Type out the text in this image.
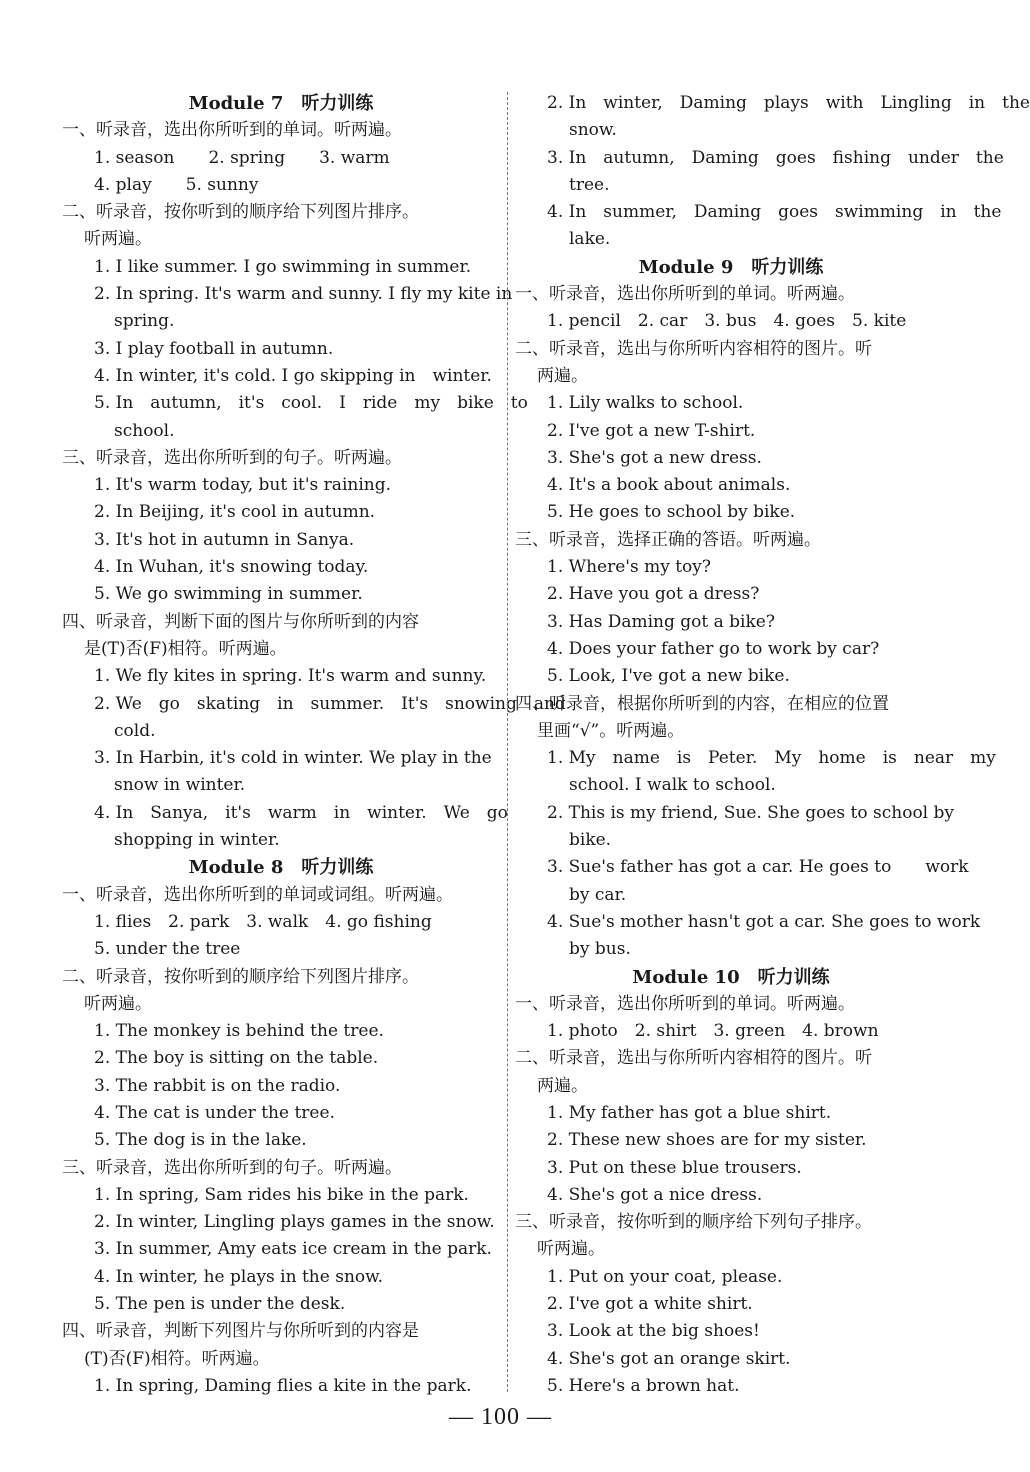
Module 7　听力训练
一、听录音，选出你所听到的单词。听两遍。
1. season　　2. spring　　3. warm
4. play　　5. sunny
二、听录音，按你听到的顺序给下列图片排序。
听两遍。
1. I like summer. I go swimming in summer.
2. In spring. It's warm and sunny. I fly my kite in
spring.
3. I play football in autumn.
4. In winter, it's cold. I go skipping in　winter.
5. In　autumn,　it's　cool.　I　ride　my　bike　to
school.
三、听录音，选出你所听到的句子。听两遍。
1. It's warm today, but it's raining.
2. In Beijing, it's cool in autumn.
3. It's hot in autumn in Sanya.
4. In Wuhan, it's snowing today.
5. We go swimming in summer.
四、听录音，判断下面的图片与你所听到的内容
是(T)否(F)相符。听两遍。
1. We fly kites in spring. It's warm and sunny.
2. We　go　skating　in　summer.　It's　snowing　and
cold.
3. In Harbin, it's cold in winter. We play in the
snow in winter.
4. In　Sanya,　it's　warm　in　winter.　We　go
shopping in winter.
Module 8　听力训练
一、听录音，选出你所听到的单词或词组。听两遍。
1. flies　2. park　3. walk　4. go fishing
5. under the tree
二、听录音，按你听到的顺序给下列图片排序。
听两遍。
1. The monkey is behind the tree.
2. The boy is sitting on the table.
3. The rabbit is on the radio.
4. The cat is under the tree.
5. The dog is in the lake.
三、听录音，选出你所听到的句子。听两遍。
1. In spring, Sam rides his bike in the park.
2. In winter, Lingling plays games in the snow.
3. In summer, Amy eats ice cream in the park.
4. In winter, he plays in the snow.
5. The pen is under the desk.
四、听录音，判断下列图片与你所听到的内容是
(T)否(F)相符。听两遍。
1. In spring, Daming flies a kite in the park.
2. In　winter,　Daming　plays　with　Lingling　in　the
snow.
3. In　autumn,　Daming　goes　fishing　under　the
tree.
4. In　summer,　Daming　goes　swimming　in　the
lake.
Module 9　听力训练
一、听录音，选出你所听到的单词。听两遍。
1. pencil　2. car　3. bus　4. goes　5. kite
二、听录音，选出与你所听内容相符的图片。听
两遍。
1. Lily walks to school.
2. I've got a new T-shirt.
3. She's got a new dress.
4. It's a book about animals.
5. He goes to school by bike.
三、听录音，选择正确的答语。听两遍。
1. Where's my toy?
2. Have you got a dress?
3. Has Daming got a bike?
4. Does your father go to work by car?
5. Look, I've got a new bike.
四、听录音，根据你所听到的内容，在相应的位置
里画“√”。听两遍。
1. My　name　is　Peter.　My　home　is　near　my
school. I walk to school.
2. This is my friend, Sue. She goes to school by
bike.
3. Sue's father has got a car. He goes to　　work
by car.
4. Sue's mother hasn't got a car. She goes to work
by bus.
Module 10　听力训练
一、听录音，选出你所听到的单词。听两遍。
1. photo　2. shirt　3. green　4. brown
二、听录音，选出与你所听内容相符的图片。听
两遍。
1. My father has got a blue shirt.
2. These new shoes are for my sister.
3. Put on these blue trousers.
4. She's got a nice dress.
三、听录音，按你听到的顺序给下列句子排序。
听两遍。
1. Put on your coat, please.
2. I've got a white shirt.
3. Look at the big shoes!
4. She's got an orange skirt.
5. Here's a brown hat.
— 100 —
